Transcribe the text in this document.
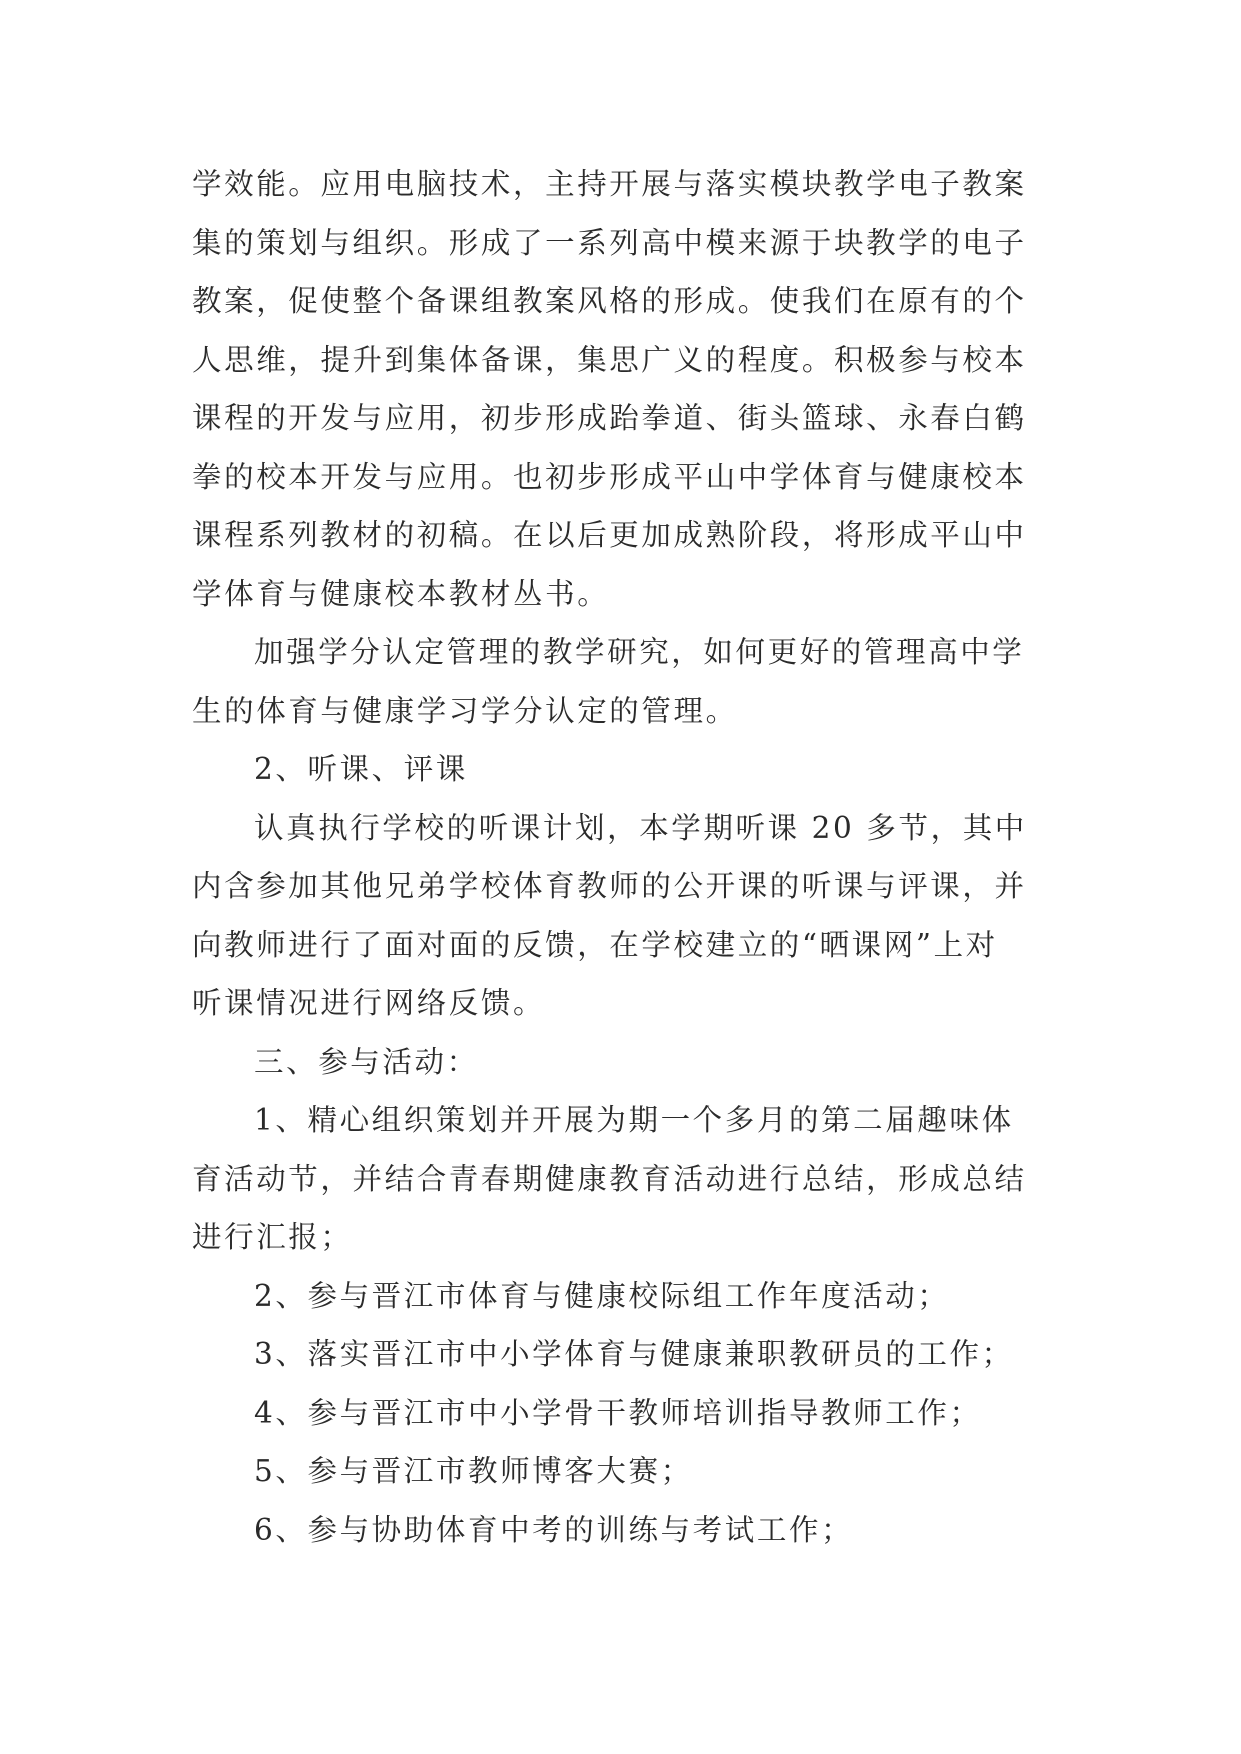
学效能。应用电脑技术，主持开展与落实模块教学电子教案
集的策划与组织。形成了一系列高中模来源于块教学的电子
教案，促使整个备课组教案风格的形成。使我们在原有的个
人思维，提升到集体备课，集思广义的程度。积极参与校本
课程的开发与应用，初步形成跆拳道、街头篮球、永春白鹤
拳的校本开发与应用。也初步形成平山中学体育与健康校本
课程系列教材的初稿。在以后更加成熟阶段，将形成平山中
学体育与健康校本教材丛书。

加强学分认定管理的教学研究，如何更好的管理高中学
生的体育与健康学习学分认定的管理。

2、听课、评课

认真执行学校的听课计划，本学期听课 20 多节，其中
内含参加其他兄弟学校体育教师的公开课的听课与评课，并
向教师进行了面对面的反馈，在学校建立的“晒课网”上对
听课情况进行网络反馈。

三、参与活动：

1、精心组织策划并开展为期一个多月的第二届趣味体
育活动节，并结合青春期健康教育活动进行总结，形成总结
进行汇报；

2、参与晋江市体育与健康校际组工作年度活动；

3、落实晋江市中小学体育与健康兼职教研员的工作；

4、参与晋江市中小学骨干教师培训指导教师工作；

5、参与晋江市教师博客大赛；

6、参与协助体育中考的训练与考试工作；
